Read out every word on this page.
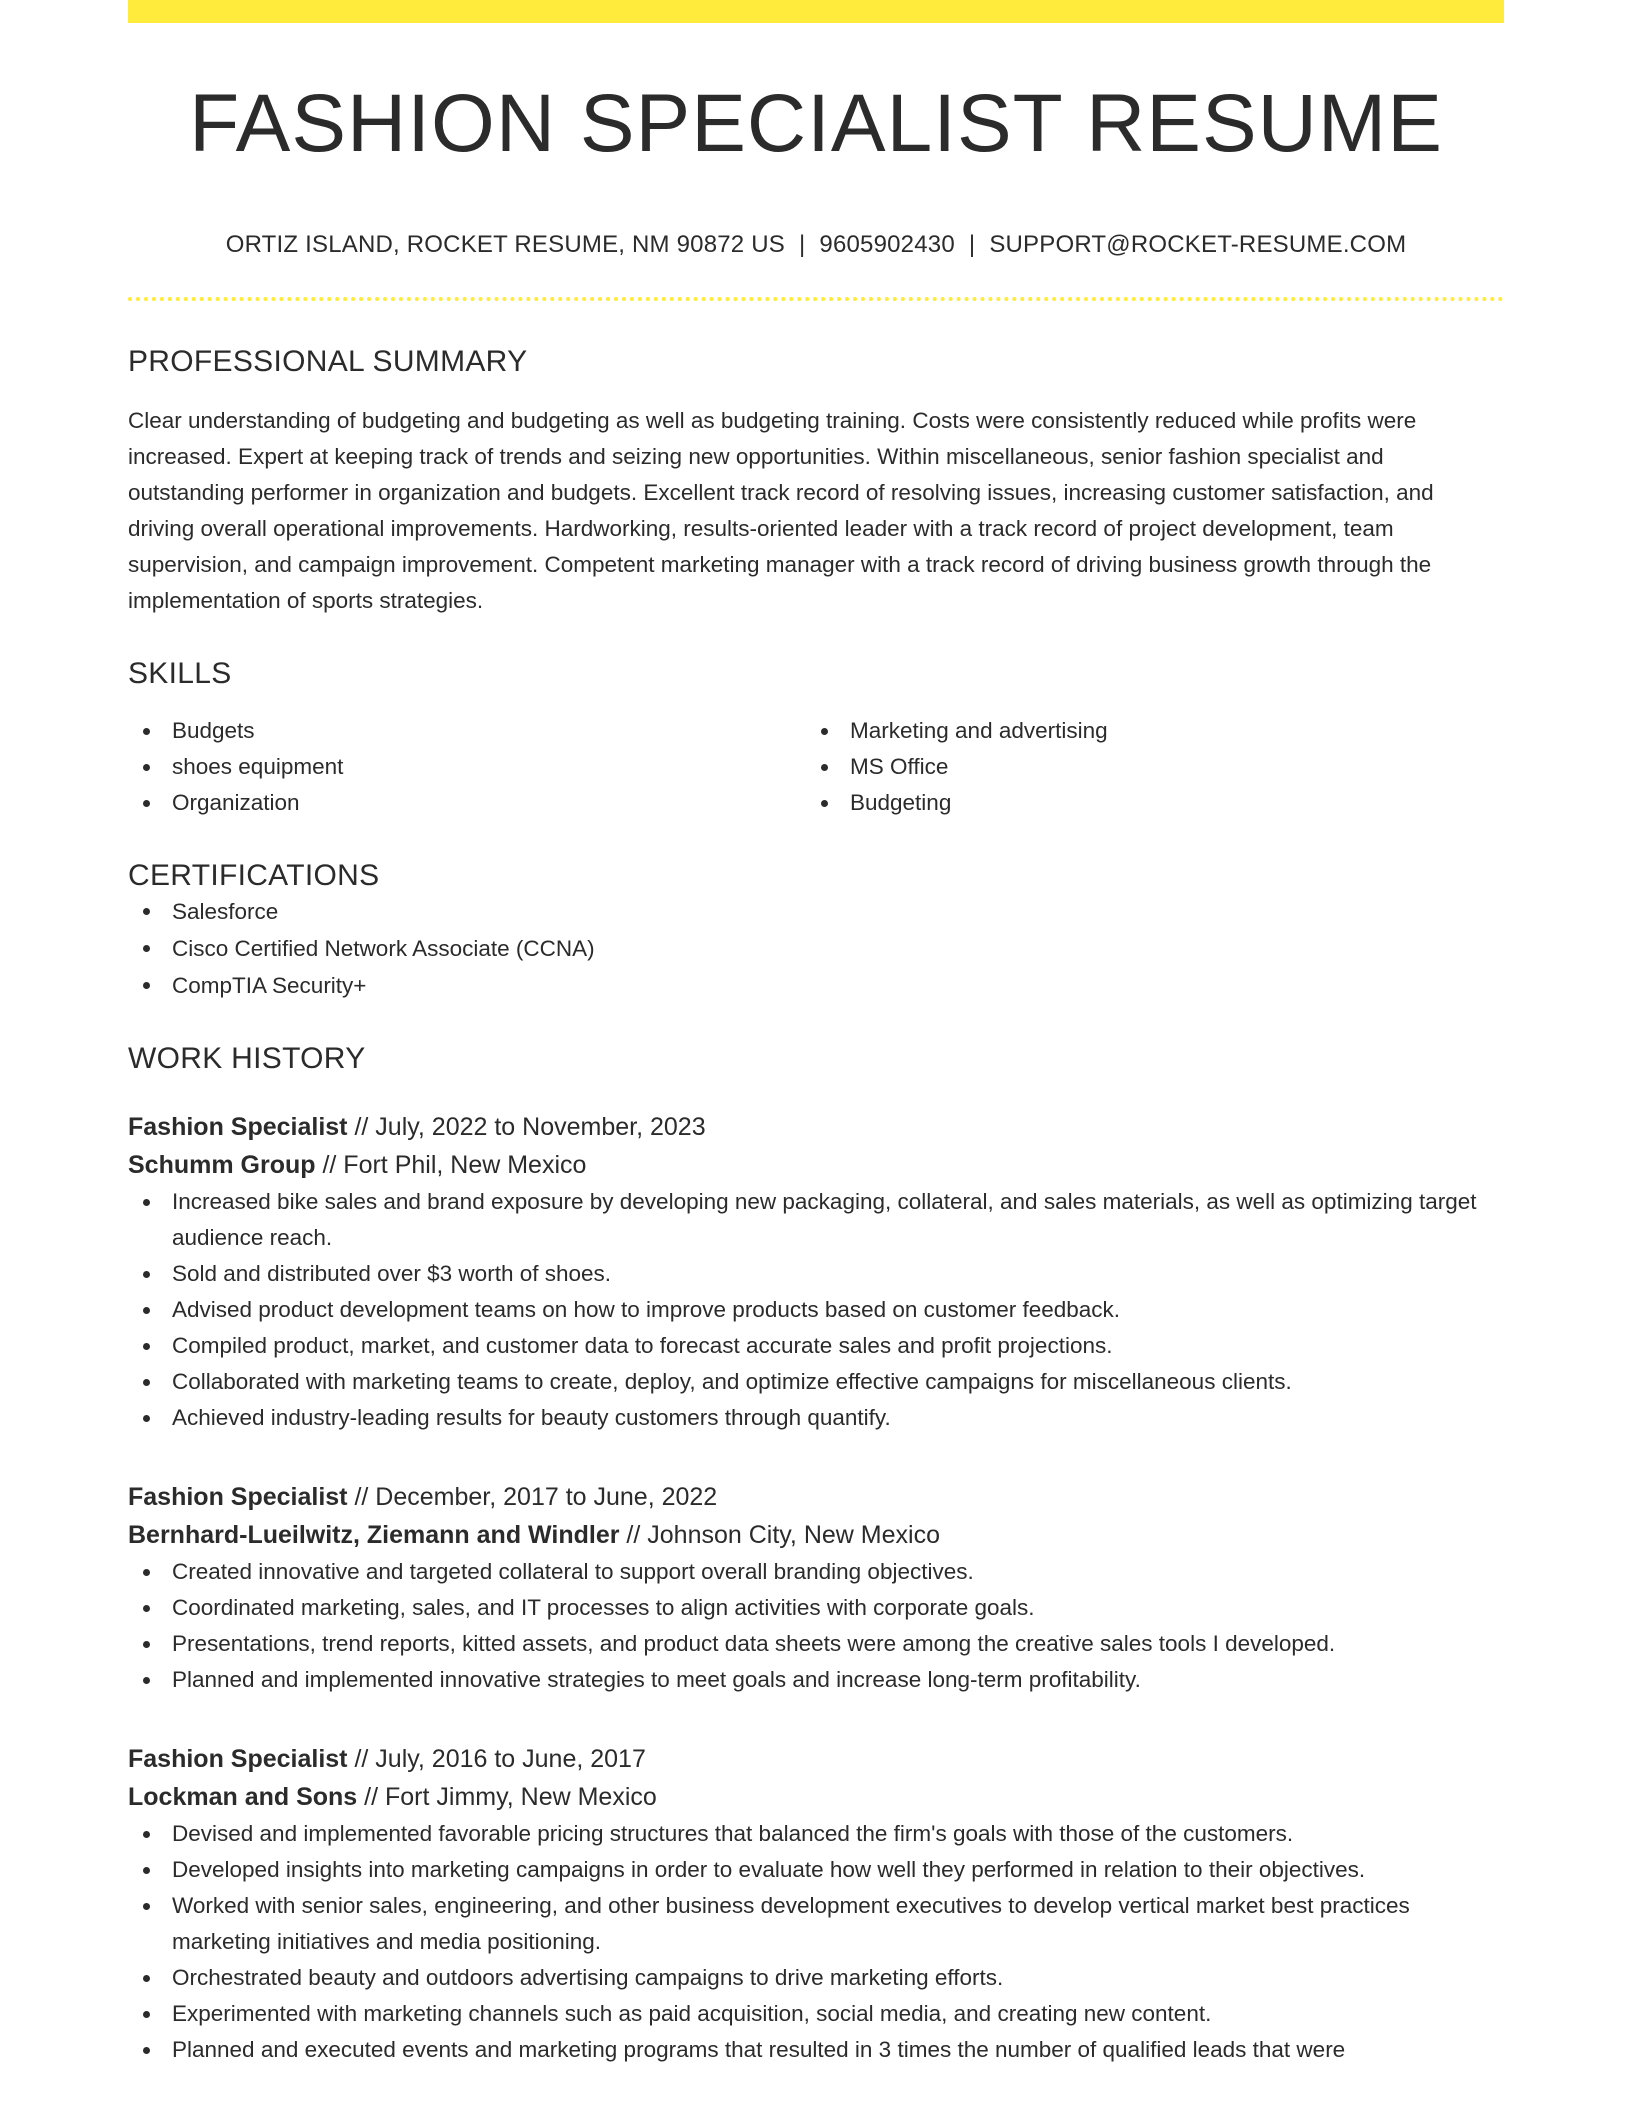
FASHION SPECIALIST RESUME
ORTIZ ISLAND, ROCKET RESUME, NM 90872 US | 9605902430 | SUPPORT@ROCKET-RESUME.COM
PROFESSIONAL SUMMARY
Clear understanding of budgeting and budgeting as well as budgeting training. Costs were consistently reduced while profits were increased. Expert at keeping track of trends and seizing new opportunities. Within miscellaneous, senior fashion specialist and outstanding performer in organization and budgets. Excellent track record of resolving issues, increasing customer satisfaction, and driving overall operational improvements. Hardworking, results-oriented leader with a track record of project development, team supervision, and campaign improvement. Competent marketing manager with a track record of driving business growth through the implementation of sports strategies.
SKILLS
Budgets
shoes equipment
Organization
Marketing and advertising
MS Office
Budgeting
CERTIFICATIONS
Salesforce
Cisco Certified Network Associate (CCNA)
CompTIA Security+
WORK HISTORY
Fashion Specialist // July, 2022 to November, 2023
Schumm Group // Fort Phil, New Mexico
Increased bike sales and brand exposure by developing new packaging, collateral, and sales materials, as well as optimizing target audience reach.
Sold and distributed over $3 worth of shoes.
Advised product development teams on how to improve products based on customer feedback.
Compiled product, market, and customer data to forecast accurate sales and profit projections.
Collaborated with marketing teams to create, deploy, and optimize effective campaigns for miscellaneous clients.
Achieved industry-leading results for beauty customers through quantify.
Fashion Specialist // December, 2017 to June, 2022
Bernhard-Lueilwitz, Ziemann and Windler // Johnson City, New Mexico
Created innovative and targeted collateral to support overall branding objectives.
Coordinated marketing, sales, and IT processes to align activities with corporate goals.
Presentations, trend reports, kitted assets, and product data sheets were among the creative sales tools I developed.
Planned and implemented innovative strategies to meet goals and increase long-term profitability.
Fashion Specialist // July, 2016 to June, 2017
Lockman and Sons // Fort Jimmy, New Mexico
Devised and implemented favorable pricing structures that balanced the firm's goals with those of the customers.
Developed insights into marketing campaigns in order to evaluate how well they performed in relation to their objectives.
Worked with senior sales, engineering, and other business development executives to develop vertical market best practices marketing initiatives and media positioning.
Orchestrated beauty and outdoors advertising campaigns to drive marketing efforts.
Experimented with marketing channels such as paid acquisition, social media, and creating new content.
Planned and executed events and marketing programs that resulted in 3 times the number of qualified leads that were
